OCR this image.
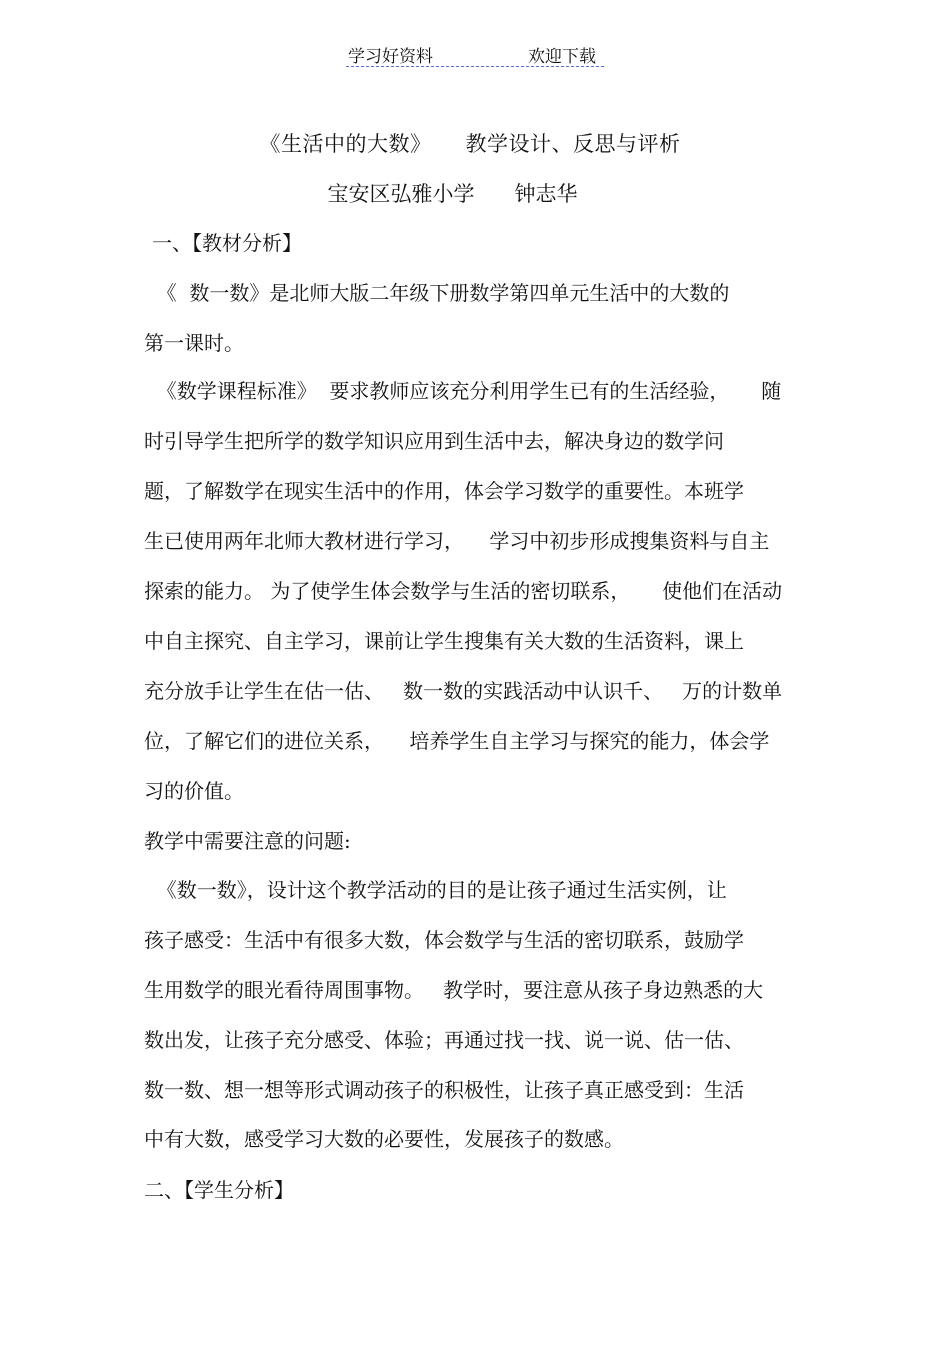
学习好资料	欢迎下载
《生活中的大数》 教学设计、反思与评析
宝安区弘雅小学 钟志华
一、【教材分析】
《  数一数》是北师大版二年级下册数学第四单元生活中的大数的
第一课时。
《数学课程标准》  要求教师应该充分利用学生已有的生活经验，     随
时引导学生把所学的数学知识应用到生活中去，解决身边的数学问
题，了解数学在现实生活中的作用，体会学习数学的重要性。本班学
生已使用两年北师大教材进行学习，    学习中初步形成搜集资料与自主
探索的能力。 为了使学生体会数学与生活的密切联系，     使他们在活动
中自主探究、自主学习，课前让学生搜集有关大数的生活资料，课上
充分放手让学生在估一估、   数一数的实践活动中认识千、   万的计数单
位，了解它们的进位关系，    培养学生自主学习与探究的能力，体会学
习的价值。
教学中需要注意的问题:
《数一数》，设计这个教学活动的目的是让孩子通过生活实例，让
孩子感受：生活中有很多大数，体会数学与生活的密切联系，鼓励学
生用数学的眼光看待周围事物。   教学时，要注意从孩子身边熟悉的大
数出发，让孩子充分感受、体验；再通过找一找、说一说、估一估、
数一数、想一想等形式调动孩子的积极性，让孩子真正感受到：生活
中有大数，感受学习大数的必要性，发展孩子的数感。
二、【学生分析】
